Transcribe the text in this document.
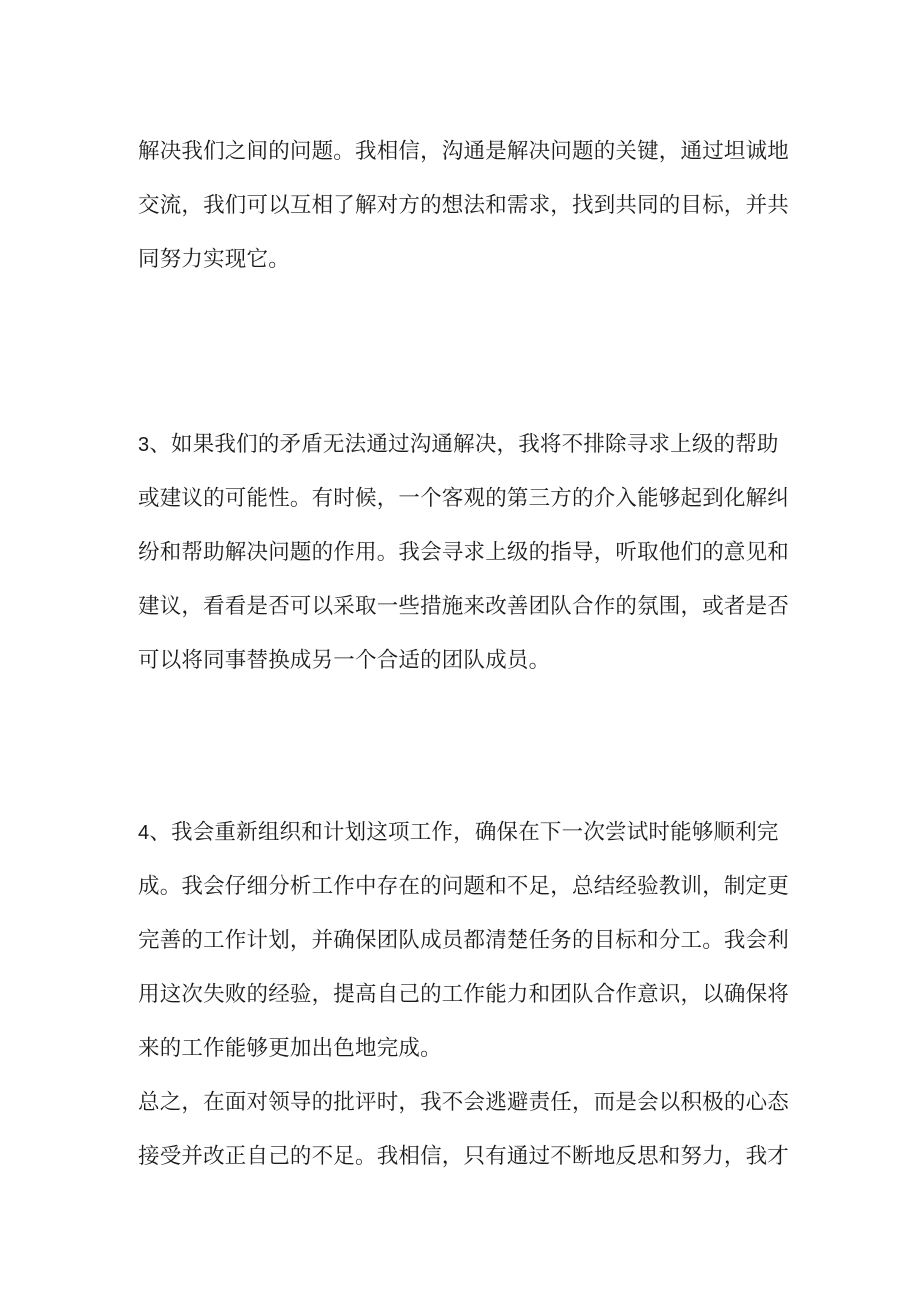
解决我们之间的问题。我相信，沟通是解决问题的关键，通过坦诚地
交流，我们可以互相了解对方的想法和需求，找到共同的目标，并共
同努力实现它。
3、如果我们的矛盾无法通过沟通解决，我将不排除寻求上级的帮助
或建议的可能性。有时候，一个客观的第三方的介入能够起到化解纠
纷和帮助解决问题的作用。我会寻求上级的指导，听取他们的意见和
建议，看看是否可以采取一些措施来改善团队合作的氛围，或者是否
可以将同事替换成另一个合适的团队成员。
4、我会重新组织和计划这项工作，确保在下一次尝试时能够顺利完
成。我会仔细分析工作中存在的问题和不足，总结经验教训，制定更
完善的工作计划，并确保团队成员都清楚任务的目标和分工。我会利
用这次失败的经验，提高自己的工作能力和团队合作意识，以确保将
来的工作能够更加出色地完成。
总之，在面对领导的批评时，我不会逃避责任，而是会以积极的心态
接受并改正自己的不足。我相信，只有通过不断地反思和努力，我才
